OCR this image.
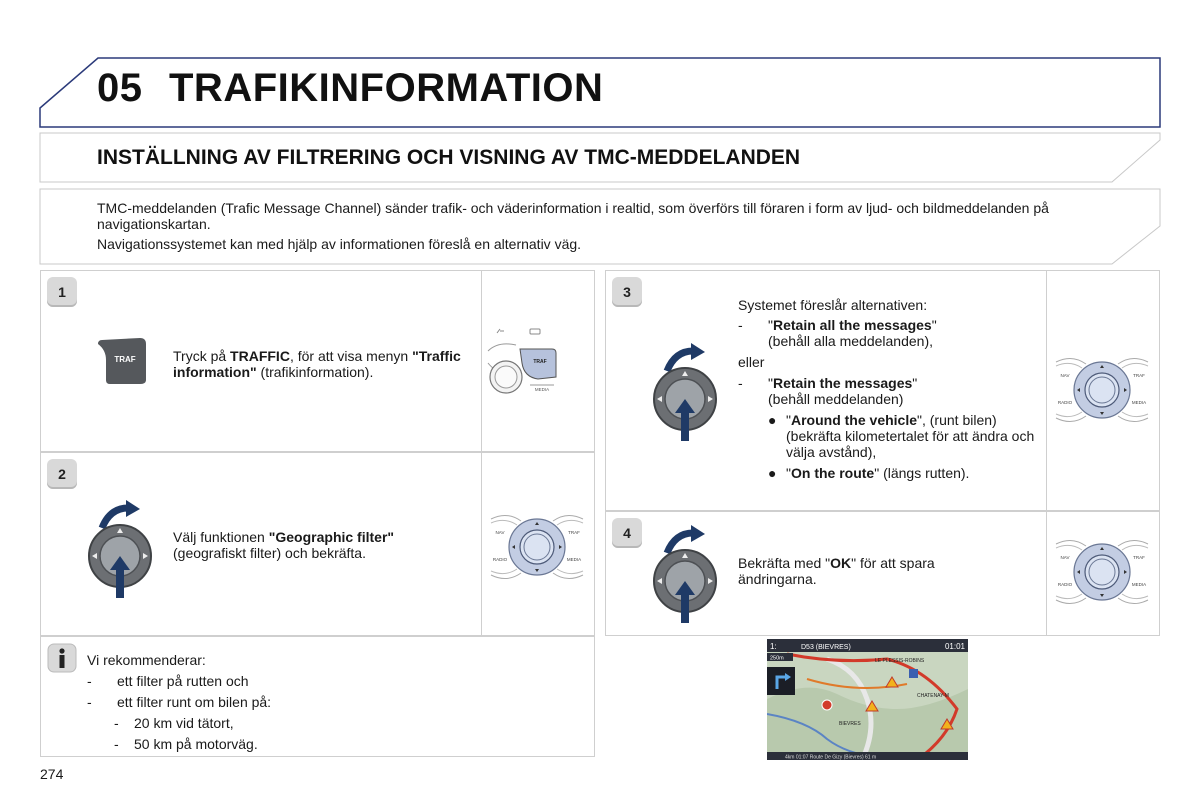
05 TRAFIKINFORMATION
INSTÄLLNING AV FILTRERING OCH VISNING AV TMC-MEDDELANDEN

TMC-meddelanden (Trafic Message Channel) sänder trafik- och väderinformation i realtid, som överförs till föraren i form av ljud- och bildmeddelanden på navigationskartan.

Navigationssystemet kan med hjälp av informationen föreslå en alternativ väg.

1
TRAF	Tryck på TRAFFIC, för att visa menyn "Traffic information" (trafikinformation).
TRAF
MEDIA
2
Välj funktionen "Geographic filter" (geografiskt filter) och bekräfta.
NAV	TRAF
RADIO	MEDIA
3
Systemet föreslår alternativen:
- "Retain all the messages"
(behåll alla meddelanden),
eller
- "Retain the messages"
(behåll meddelanden)
● "Around the vehicle", (runt bilen) (bekräfta kilometertalet för att ändra och välja avstånd),
● "On the route" (längs rutten).
NAV	TRAF
RADIO	MEDIA
4
Bekräfta med "OK" för att spara ändringarna.
NAV	TRAF
RADIO	MEDIA
Vi rekommenderar:
- ett filter på rutten och
- ett filter runt om bilen på:
- 20 km vid tätort,
- 50 km på motorväg.
1:	D53 (BIEVRES)	01:01
250m	LE PLESSIS-ROBINS
CHATENAY-M
BIEVRES
4km 01:07 Route De Gizy (Bievres) 61 m
274
